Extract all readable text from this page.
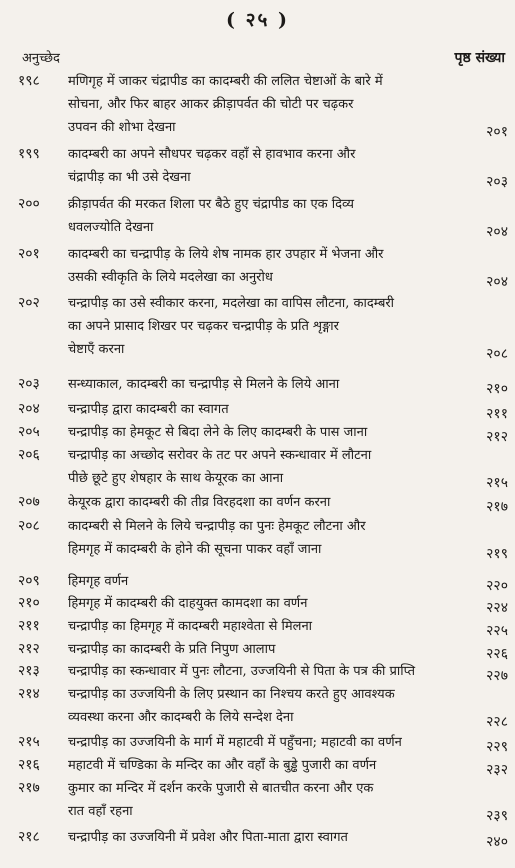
( २५ )
अनुच्छेद	पृष्ठ संख्या
१९८	मणिगृह में जाकर चंद्रापीड का कादम्बरी की ललित चेष्टाओं के बारे में
सोचना, और फिर बाहर आकर क्रीड़ापर्वत की चोटी पर चढ़कर
उपवन की शोभा देखना	२०१
१९९	कादम्बरी का अपने सौधपर चढ़कर वहाँ से हावभाव करना और
चंद्रापीड़ का भी उसे देखना	२०३
२००	क्रीड़ापर्वत की मरकत शिला पर बैठे हुए चंद्रापीड का एक दिव्य
धवलज्योति देखना	२०४
२०१	कादम्बरी का चन्द्रापीड़ के लिये शेष नामक हार उपहार में भेजना और
उसकी स्वीकृति के लिये मदलेखा का अनुरोध	२०४
२०२	चन्द्रापीड़ का उसे स्वीकार करना, मदलेखा का वापिस लौटना, कादम्बरी
का अपने प्रासाद शिखर पर चढ़कर चन्द्रापीड़ के प्रति शृङ्गार
चेष्टाएँ करना	२०८
२०३	सन्ध्याकाल, कादम्बरी का चन्द्रापीड़ से मिलने के लिये आना	२१०
२०४	चन्द्रापीड़ द्वारा कादम्बरी का स्वागत	२११
२०५	चन्द्रापीड़ का हेमकूट से बिदा लेने के लिए कादम्बरी के पास जाना	२१२
२०६	चन्द्रापीड़ का अच्छोद सरोवर के तट पर अपने स्कन्धावार में लौटना
पीछे छूटे हुए शेषहार के साथ केयूरक का आना	२१५
२०७	केयूरक द्वारा कादम्बरी की तीव्र विरहदशा का वर्णन करना	२१७
२०८	कादम्बरी से मिलने के लिये चन्द्रापीड़ का पुनः हेमकूट लौटना और
हिमगृह में कादम्बरी के होने की सूचना पाकर वहाँ जाना	२१९
२०९	हिमगृह वर्णन	२२०
२१०	हिमगृह में कादम्बरी की दाहयुक्त कामदशा का वर्णन	२२४
२११	चन्द्रापीड़ का हिमगृह में कादम्बरी महाश्वेता से मिलना	२२५
२१२	चन्द्रापीड़ का कादम्बरी के प्रति निपुण आलाप	२२६
२१३	चन्द्रापीड़ का स्कन्धावार में पुनः लौटना, उज्जयिनी से पिता के पत्र की प्राप्ति	२२७
२१४	चन्द्रापीड़ का उज्जयिनी के लिए प्रस्थान का निश्चय करते हुए आवश्यक
व्यवस्था करना और कादम्बरी के लिये सन्देश देना	२२८
२१५	चन्द्रापीड़ का उज्जयिनी के मार्ग में महाटवी में पहुँचना; महाटवी का वर्णन	२२९
२१६	महाटवी में चण्डिका के मन्दिर का और वहाँ के बुड्ढे पुजारी का वर्णन	२३२
२१७	कुमार का मन्दिर में दर्शन करके पुजारी से बातचीत करना और एक
रात वहाँ रहना	२३९
२१८	चन्द्रापीड़ का उज्जयिनी में प्रवेश और पिता-माता द्वारा स्वागत	२४०
